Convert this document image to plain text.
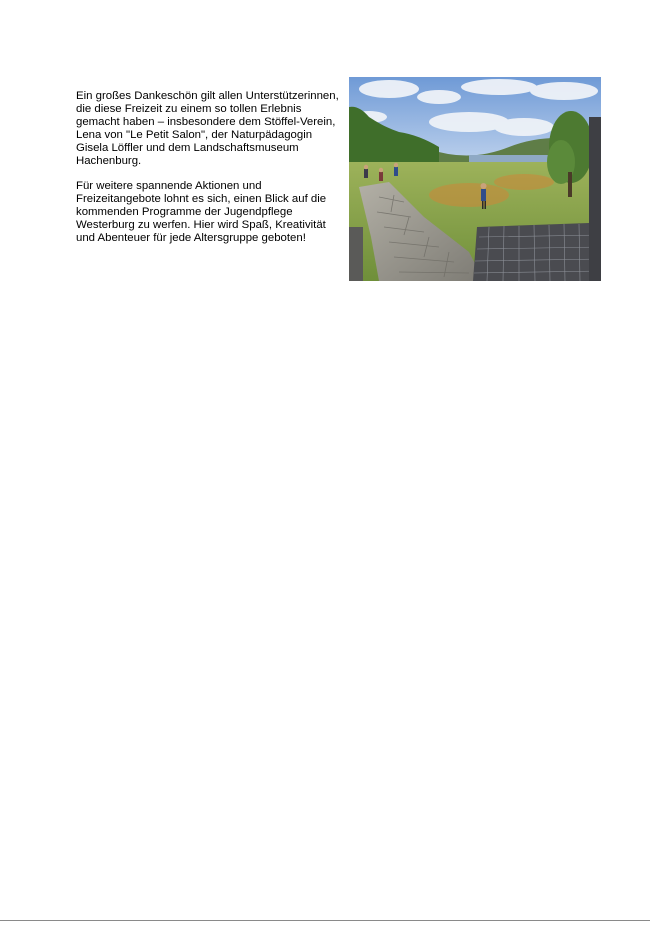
Ein großes Dankeschön gilt allen Unterstützerinnen, die diese Freizeit zu einem so tollen Erlebnis gemacht haben – insbesondere dem Stöffel-Verein, Lena von "Le Petit Salon", der Naturpädagogin Gisela Löffler und dem Landschaftsmuseum Hachenburg.

Für weitere spannende Aktionen und Freizeitangebote lohnt es sich, einen Blick auf die kommenden Programme der Jugendpflege Westerburg zu werfen. Hier wird Spaß, Kreativität und Abenteuer für jede Altersgruppe geboten!
